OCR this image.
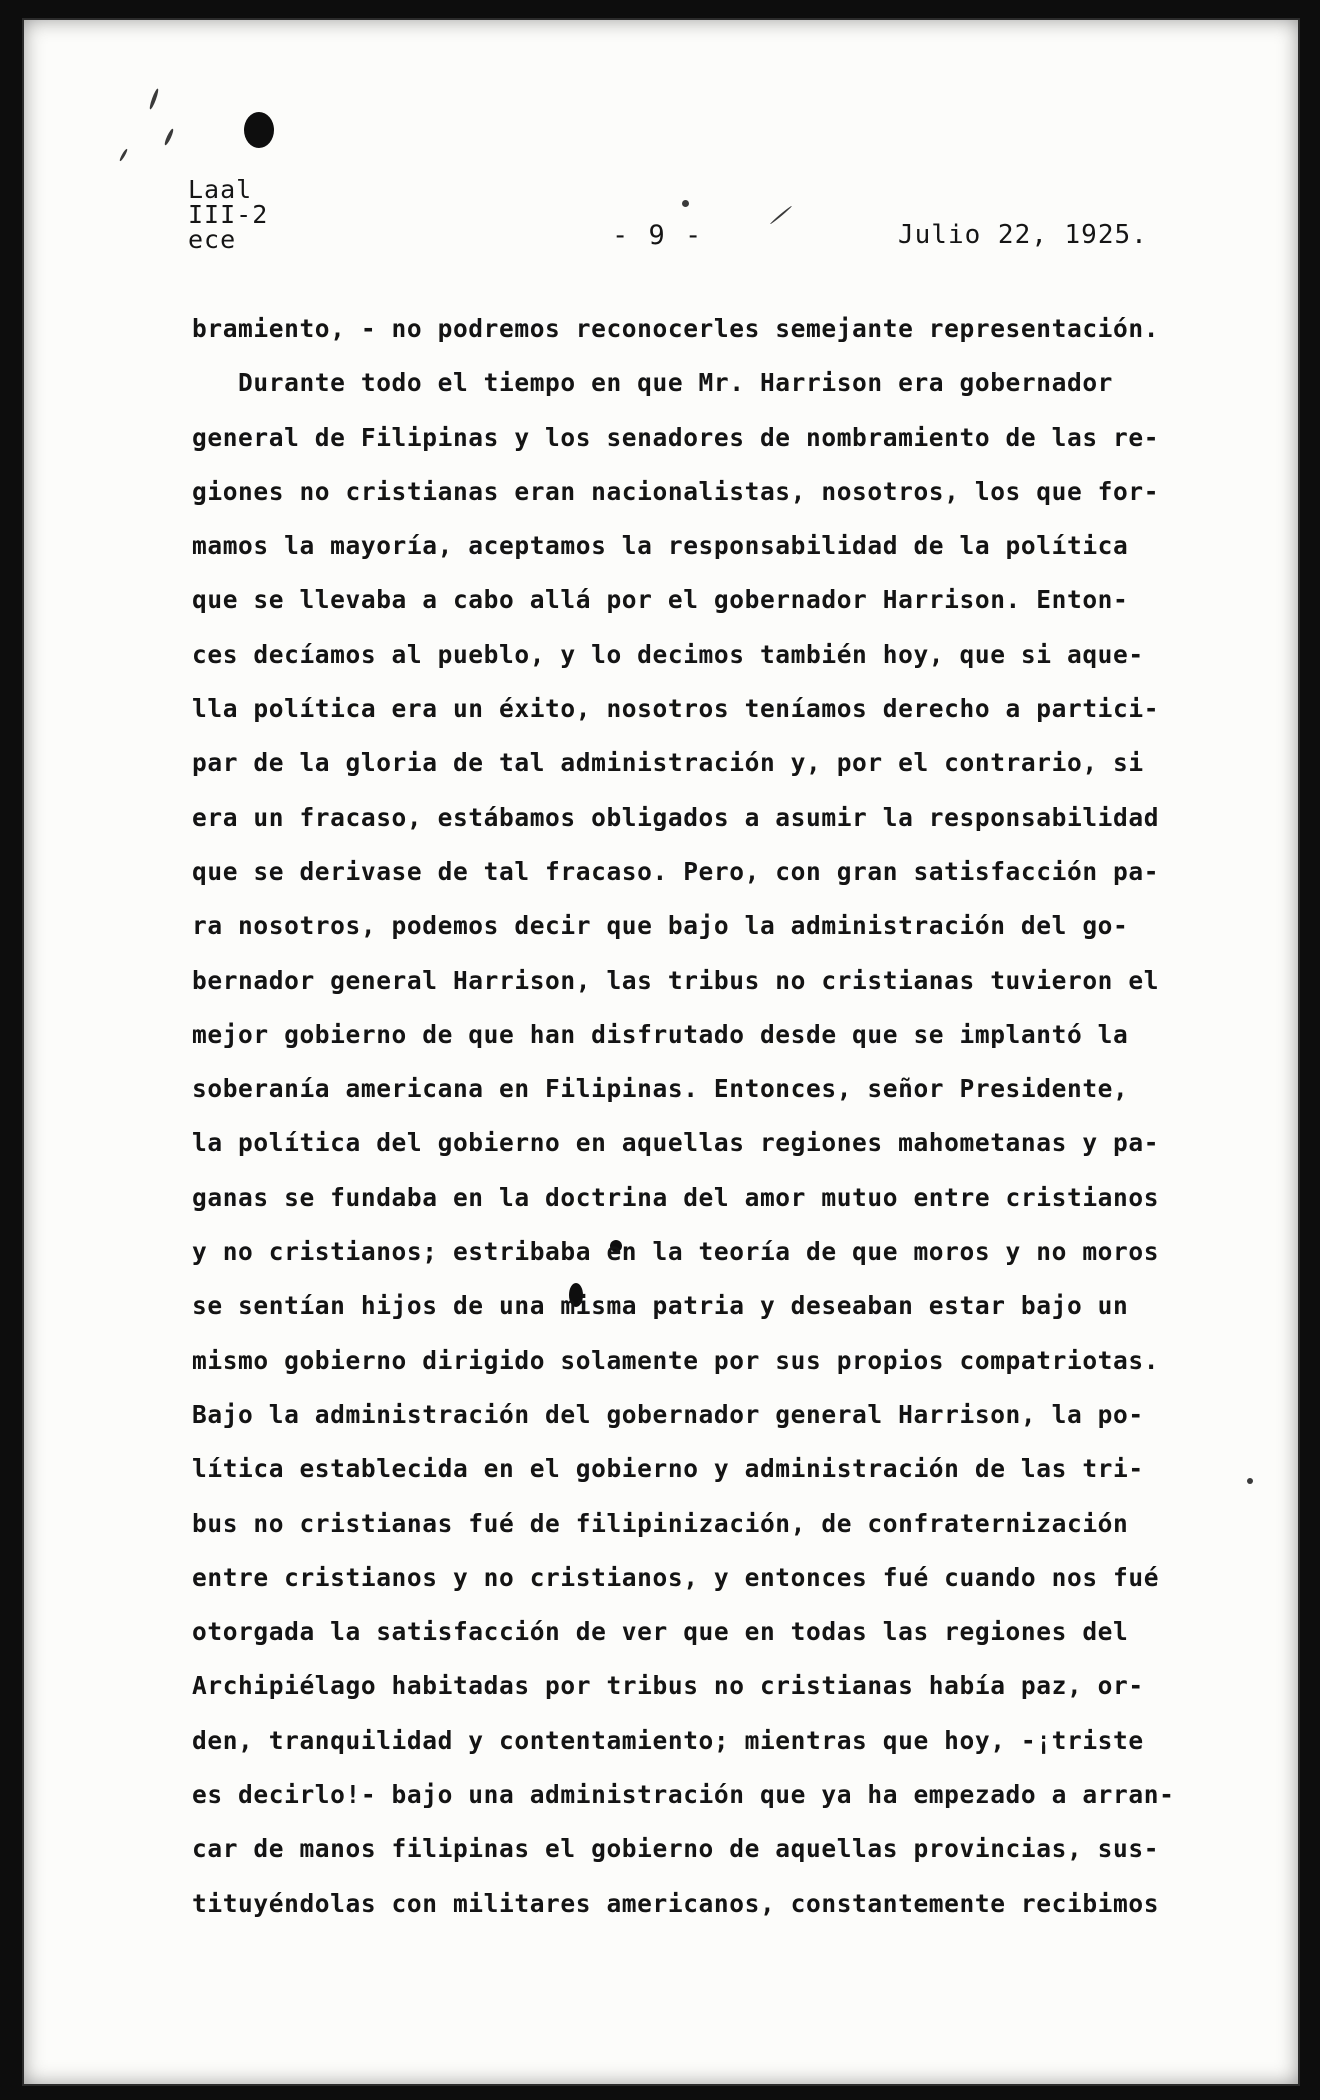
Laal
III-2
ece	- 9 -	Julio 22, 1925.
bramiento, - no podremos reconocerles semejante representación.
Durante todo el tiempo en que Mr. Harrison era gobernador
general de Filipinas y los senadores de nombramiento de las re-
giones no cristianas eran nacionalistas, nosotros, los que for-
mamos la mayoría, aceptamos la responsabilidad de la política
que se llevaba a cabo allá por el gobernador Harrison. Enton-
ces decíamos al pueblo, y lo decimos también hoy, que si aque-
lla política era un éxito, nosotros teníamos derecho a partici-
par de la gloria de tal administración y, por el contrario, si
era un fracaso, estábamos obligados a asumir la responsabilidad
que se derivase de tal fracaso. Pero, con gran satisfacción pa-
ra nosotros, podemos decir que bajo la administración del go-
bernador general Harrison, las tribus no cristianas tuvieron el
mejor gobierno de que han disfrutado desde que se implantó la
soberanía americana en Filipinas. Entonces, señor Presidente,
la política del gobierno en aquellas regiones mahometanas y pa-
ganas se fundaba en la doctrina del amor mutuo entre cristianos
y no cristianos; estribaba en la teoría de que moros y no moros
se sentían hijos de una misma patria y deseaban estar bajo un
mismo gobierno dirigido solamente por sus propios compatriotas.
Bajo la administración del gobernador general Harrison, la po-
lítica establecida en el gobierno y administración de las tri-
bus no cristianas fué de filipinización, de confraternización
entre cristianos y no cristianos, y entonces fué cuando nos fué
otorgada la satisfacción de ver que en todas las regiones del
Archipiélago habitadas por tribus no cristianas había paz, or-
den, tranquilidad y contentamiento; mientras que hoy, -¡triste
es decirlo!- bajo una administración que ya ha empezado a arran-
car de manos filipinas el gobierno de aquellas provincias, sus-
tituyéndolas con militares americanos, constantemente recibimos
